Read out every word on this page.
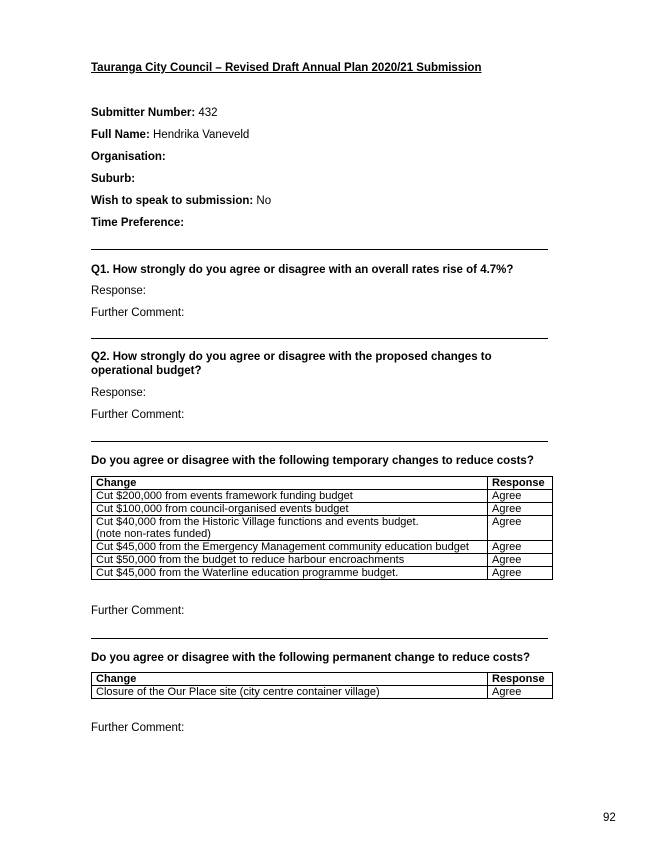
Tauranga City Council – Revised Draft Annual Plan 2020/21 Submission
Submitter Number: 432
Full Name: Hendrika Vaneveld
Organisation:
Suburb:
Wish to speak to submission: No
Time Preference:
Q1. How strongly do you agree or disagree with an overall rates rise of 4.7%?
Response:
Further Comment:
Q2. How strongly do you agree or disagree with the proposed changes to operational budget?
Response:
Further Comment:
Do you agree or disagree with the following temporary changes to reduce costs?
Change	Response
Cut $200,000 from events framework funding budget	Agree
Cut $100,000 from council-organised events budget	Agree

Cut $40,000 from the Historic Village functions and events budget.
(note non-rates funded)	Agree
Cut $45,000 from the Emergency Management community education budget	Agree
Cut $50,000 from the budget to reduce harbour encroachments	Agree
Cut $45,000 from the Waterline education programme budget.	Agree
Further Comment:
Do you agree or disagree with the following permanent change to reduce costs?
Change	Response
Closure of the Our Place site (city centre container village)	Agree
Further Comment:
92
